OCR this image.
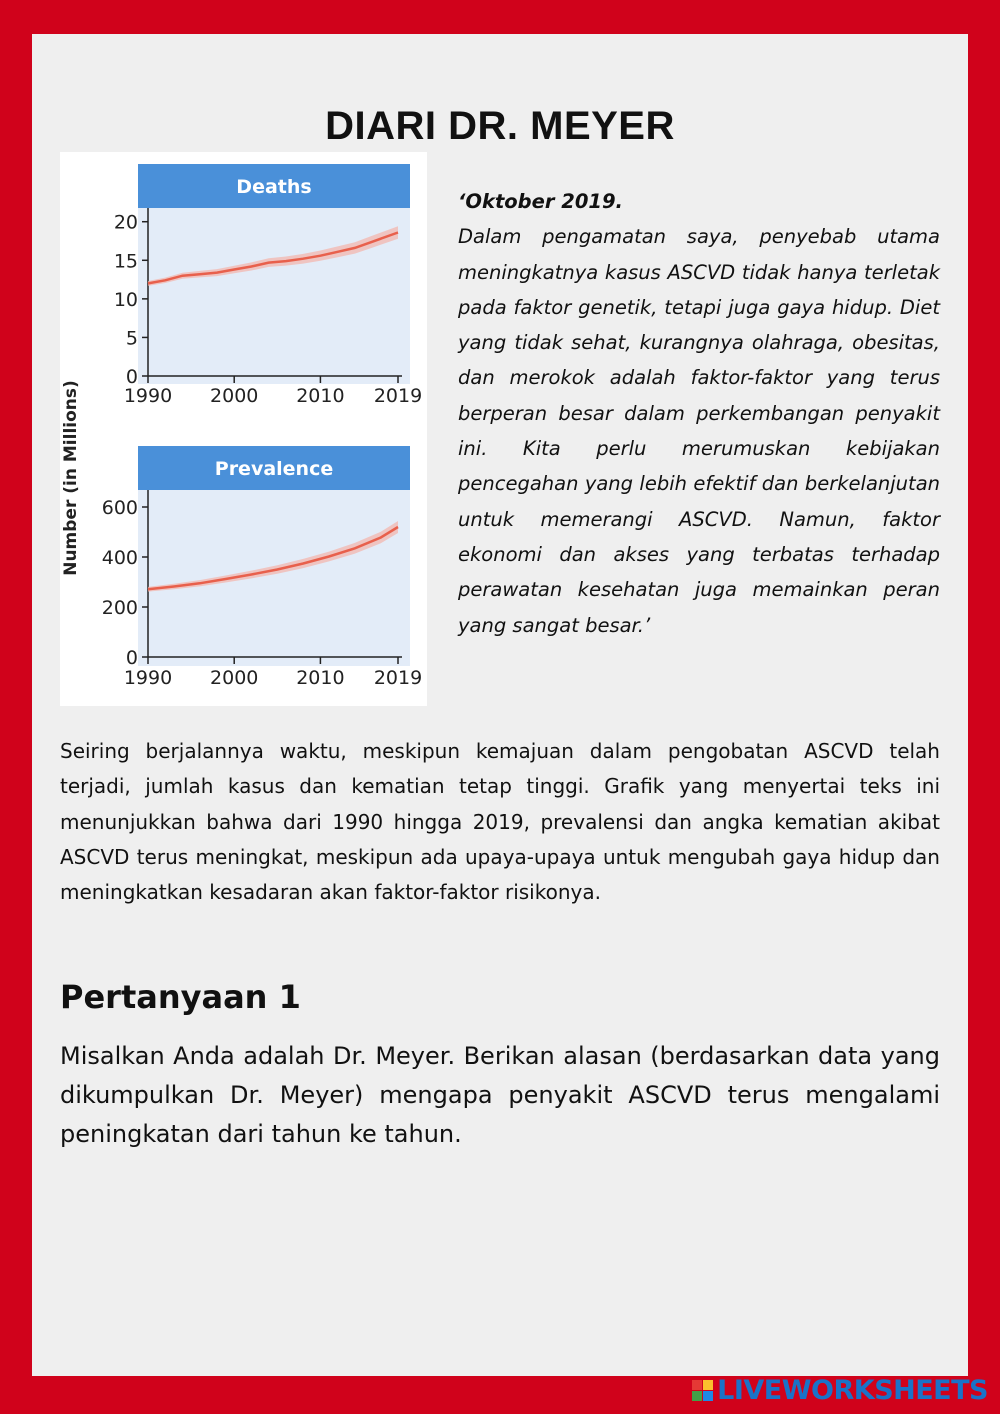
DIARI DR. MEYER
Deaths
0
5
10
15
20
1990 2000 2010 2019
Prevalence
0
200
400
600
1990 2000 2010 2019
Number (in Millions)
‘Oktober 2019.
Dalam pengamatan saya, penyebab utama meningkatnya kasus ASCVD tidak hanya terletak pada faktor genetik, tetapi juga gaya hidup. Diet yang tidak sehat, kurangnya olahraga, obesitas, dan merokok adalah faktor-faktor yang terus berperan besar dalam perkembangan penyakit ini. Kita perlu merumuskan kebijakan pencegahan yang lebih efektif dan berkelanjutan untuk memerangi ASCVD. Namun, faktor ekonomi dan akses yang terbatas terhadap perawatan kesehatan juga memainkan peran yang sangat besar.’
Seiring berjalannya waktu, meskipun kemajuan dalam pengobatan ASCVD telah terjadi, jumlah kasus dan kematian tetap tinggi. Grafik yang menyertai teks ini menunjukkan bahwa dari 1990 hingga 2019, prevalensi dan angka kematian akibat ASCVD terus meningkat, meskipun ada upaya-upaya untuk mengubah gaya hidup dan meningkatkan kesadaran akan faktor-faktor risikonya.
Pertanyaan 1
Misalkan Anda adalah Dr. Meyer. Berikan alasan (berdasarkan data yang dikumpulkan Dr. Meyer) mengapa penyakit ASCVD terus mengalami peningkatan dari tahun ke tahun.
LIVEWORKSHEETS
